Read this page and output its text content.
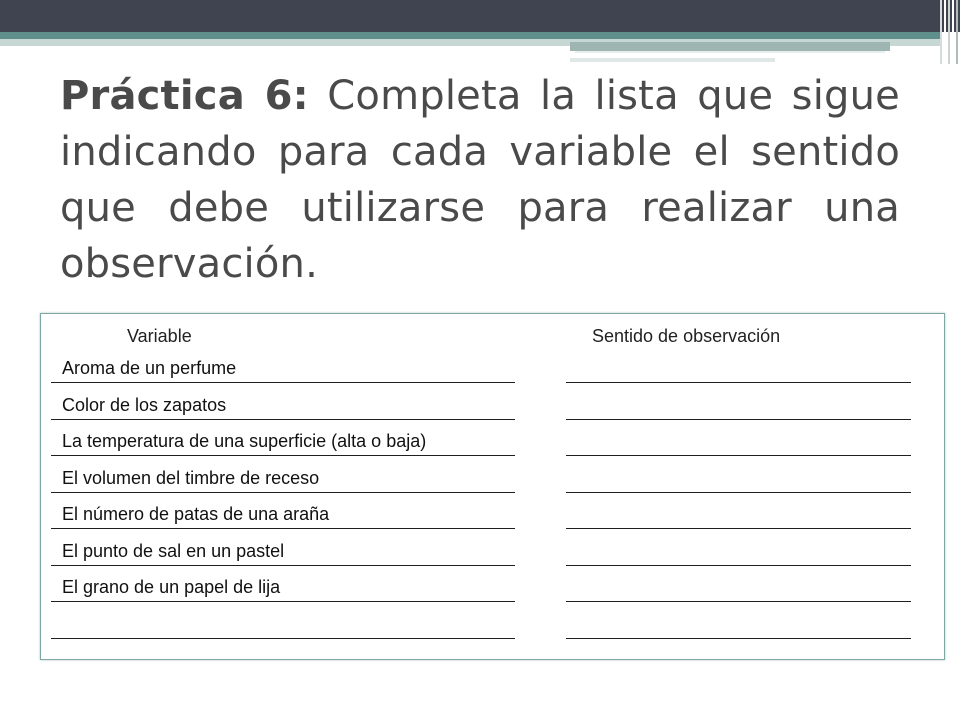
Práctica 6: Completa la lista que sigue indicando para cada variable el sentido que debe utilizarse para realizar una observación.

Variable	Sentido de observación
Aroma de un perfume
Color de los zapatos
La temperatura de una superficie (alta o baja)
El volumen del timbre de receso
El número de patas de una araña
El punto de sal en un pastel
El grano de un papel de lija
